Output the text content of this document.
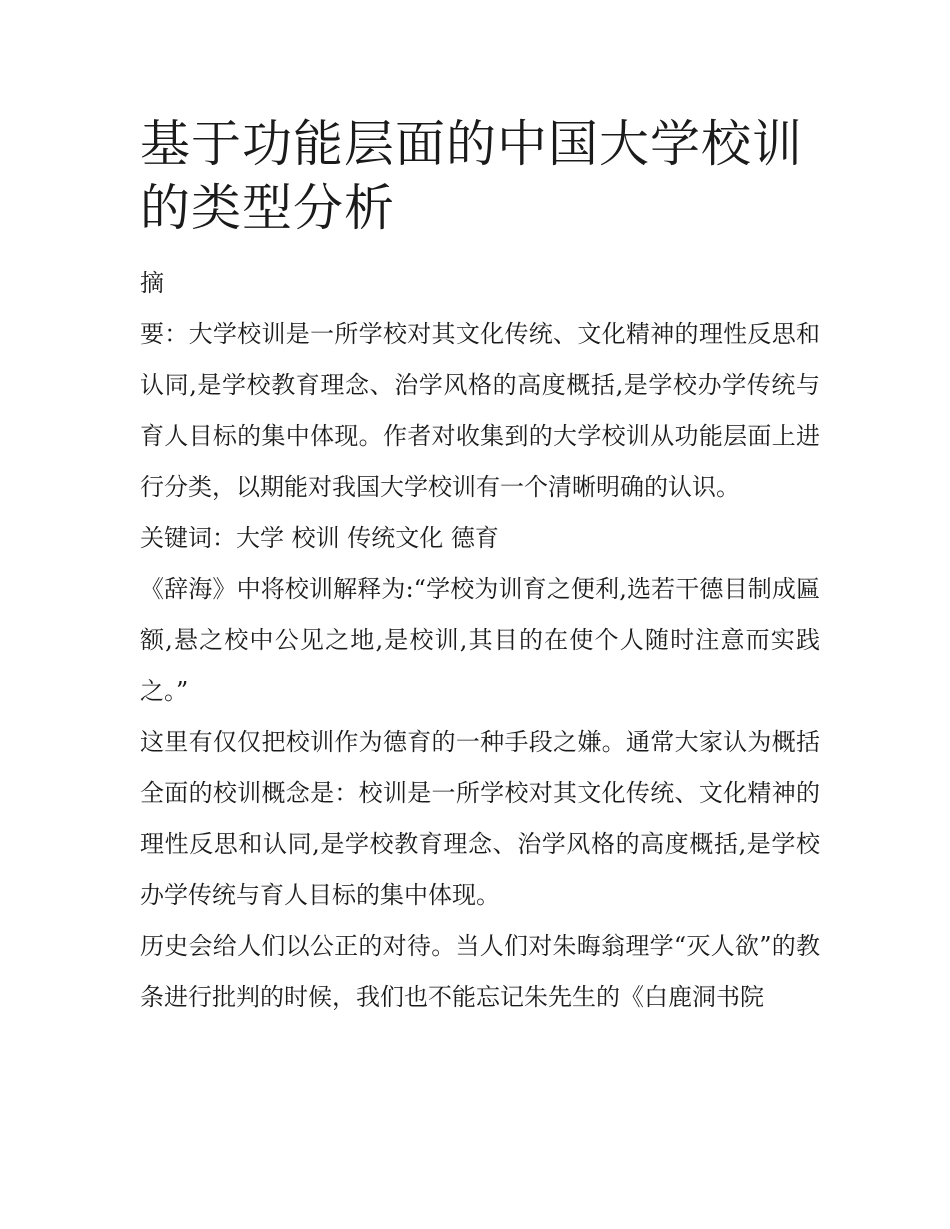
基于功能层面的中国大学校训的类型分析

摘

要：大学校训是一所学校对其文化传统、文化精神的理性反思和认同,是学校教育理念、治学风格的高度概括,是学校办学传统与育人目标的集中体现。作者对收集到的大学校训从功能层面上进行分类，以期能对我国大学校训有一个清晰明确的认识。

关键词：大学 校训 传统文化 德育

《辞海》中将校训解释为:“学校为训育之便利,选若干德目制成匾额,悬之校中公见之地,是校训,其目的在使个人随时注意而实践之。”

这里有仅仅把校训作为德育的一种手段之嫌。通常大家认为概括全面的校训概念是：校训是一所学校对其文化传统、文化精神的理性反思和认同,是学校教育理念、治学风格的高度概括,是学校办学传统与育人目标的集中体现。

历史会给人们以公正的对待。当人们对朱晦翁理学“灭人欲”的教条进行批判的时候，我们也不能忘记朱先生的《白鹿洞书院
